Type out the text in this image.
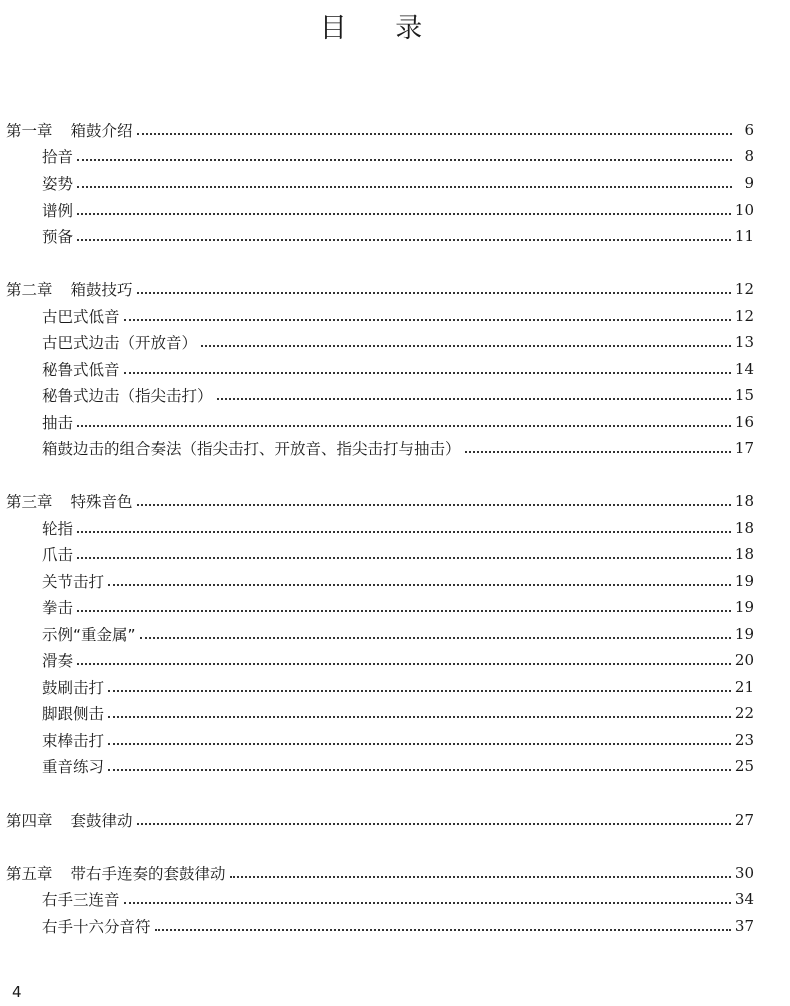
目 录
第一章 箱鼓介绍	6
拾音	8
姿势	9
谱例	10
预备	11
第二章 箱鼓技巧	12
古巴式低音	12
古巴式边击（开放音）	13
秘鲁式低音	14
秘鲁式边击（指尖击打）	15
抽击	16
箱鼓边击的组合奏法（指尖击打、开放音、指尖击打与抽击）	17
第三章 特殊音色	18
轮指	18
爪击	18
关节击打	19
拳击	19
示例“重金属”	19
滑奏	20
鼓刷击打	21
脚跟侧击	22
束棒击打	23
重音练习	25
第四章 套鼓律动	27
第五章 带右手连奏的套鼓律动	30
右手三连音	34
右手十六分音符	37
4
